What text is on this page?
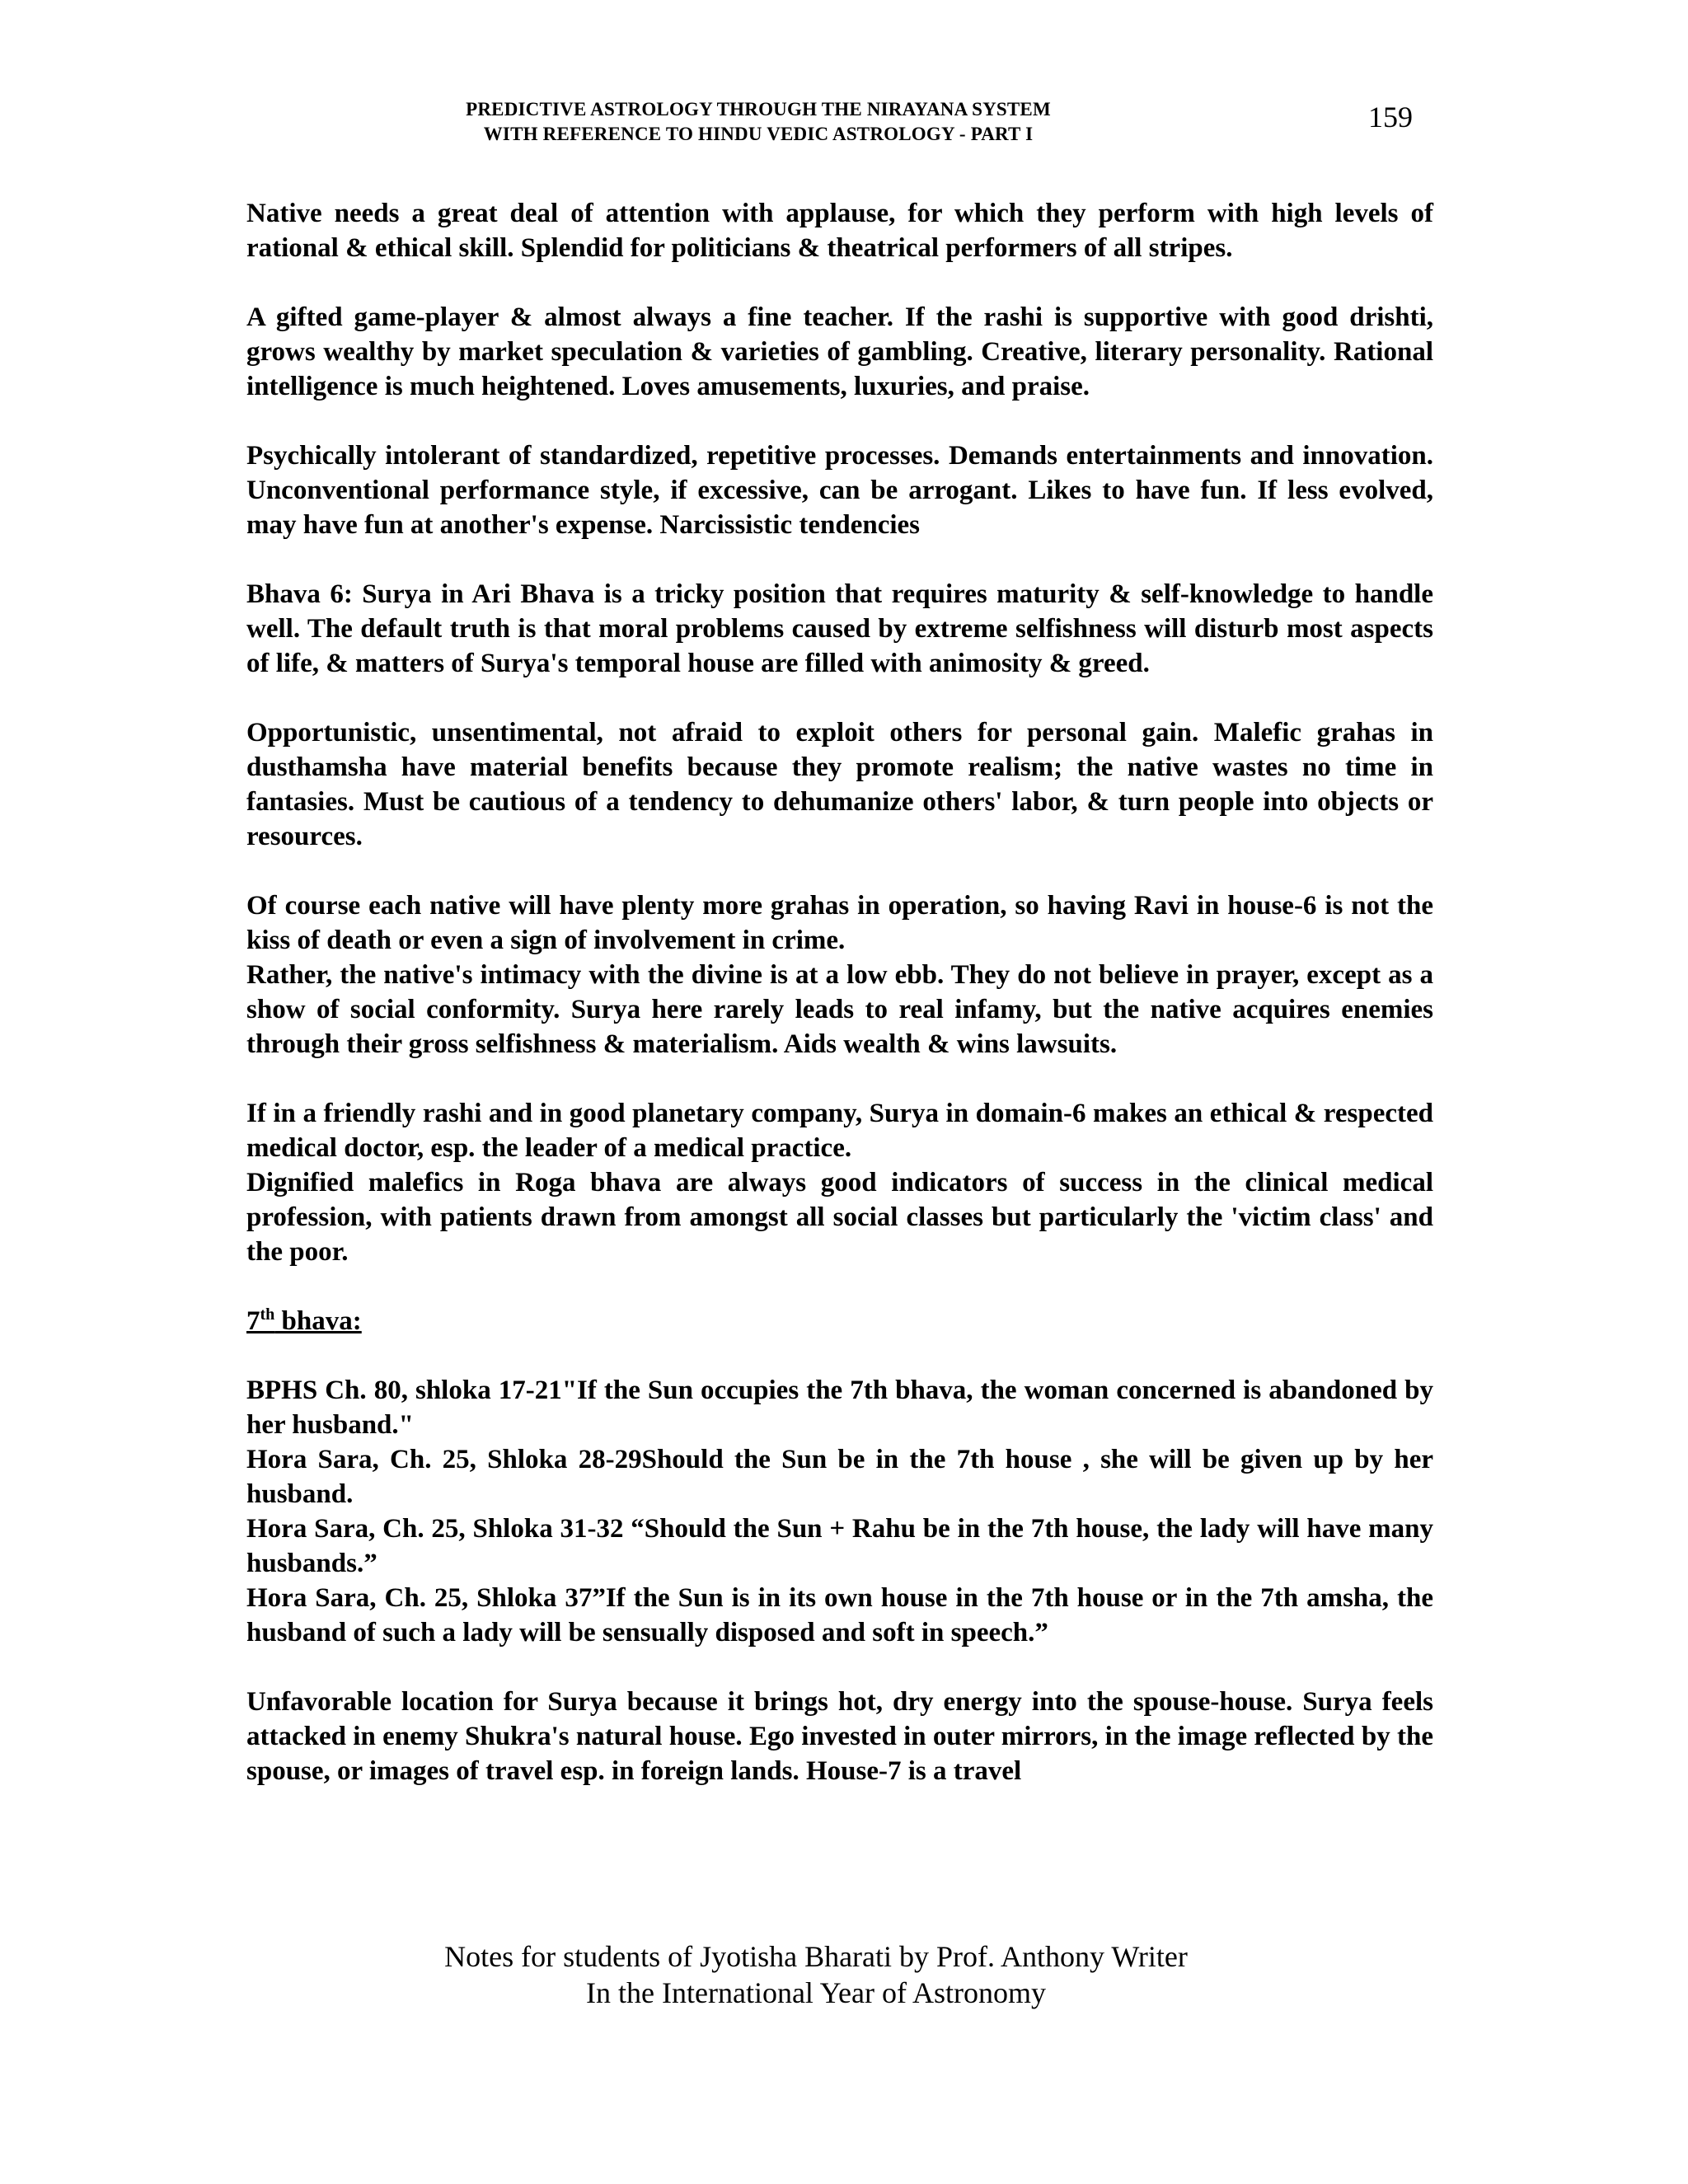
PREDICTIVE ASTROLOGY THROUGH THE NIRAYANA SYSTEM
WITH REFERENCE TO HINDU VEDIC ASTROLOGY - PART I
159

Native needs a great deal of attention with applause, for which they perform with high levels of rational & ethical skill. Splendid for politicians & theatrical performers of all stripes.

A gifted game-player & almost always a fine teacher. If the rashi is supportive with good drishti, grows wealthy by market speculation & varieties of gambling. Creative, literary personality. Rational intelligence is much heightened. Loves amusements, luxuries, and praise.

Psychically intolerant of standardized, repetitive processes. Demands entertainments and innovation. Unconventional performance style, if excessive, can be arrogant. Likes to have fun. If less evolved, may have fun at another's expense. Narcissistic tendencies

Bhava 6: Surya in Ari Bhava is a tricky position that requires maturity & self-knowledge to handle well. The default truth is that moral problems caused by extreme selfishness will disturb most aspects of life, & matters of Surya's temporal house are filled with animosity & greed.

Opportunistic, unsentimental, not afraid to exploit others for personal gain. Malefic grahas in dusthamsha have material benefits because they promote realism; the native wastes no time in fantasies. Must be cautious of a tendency to dehumanize others' labor, & turn people into objects or resources.

Of course each native will have plenty more grahas in operation, so having Ravi in house-6 is not the kiss of death or even a sign of involvement in crime.

Rather, the native's intimacy with the divine is at a low ebb. They do not believe in prayer, except as a show of social conformity. Surya here rarely leads to real infamy, but the native acquires enemies through their gross selfishness & materialism. Aids wealth & wins lawsuits.

If in a friendly rashi and in good planetary company, Surya in domain-6 makes an ethical & respected medical doctor, esp. the leader of a medical practice.

Dignified malefics in Roga bhava are always good indicators of success in the clinical medical profession, with patients drawn from amongst all social classes but particularly the 'victim class' and the poor.

7th bhava:

BPHS Ch. 80, shloka 17-21"If the Sun occupies the 7th bhava, the woman concerned is abandoned by her husband."

Hora Sara, Ch. 25, Shloka 28-29Should the Sun be in the 7th house , she will be given up by her husband.

Hora Sara, Ch. 25, Shloka 31-32 “Should the Sun + Rahu be in the 7th house, the lady will have many husbands.”

Hora Sara, Ch. 25, Shloka 37”If the Sun is in its own house in the 7th house or in the 7th amsha, the husband of such a lady will be sensually disposed and soft in speech.”

Unfavorable location for Surya because it brings hot, dry energy into the spouse-house. Surya feels attacked in enemy Shukra's natural house. Ego invested in outer mirrors, in the image reflected by the spouse, or images of travel esp. in foreign lands. House-7 is a travel

Notes for students of Jyotisha Bharati by Prof. Anthony Writer
In the International Year of Astronomy
